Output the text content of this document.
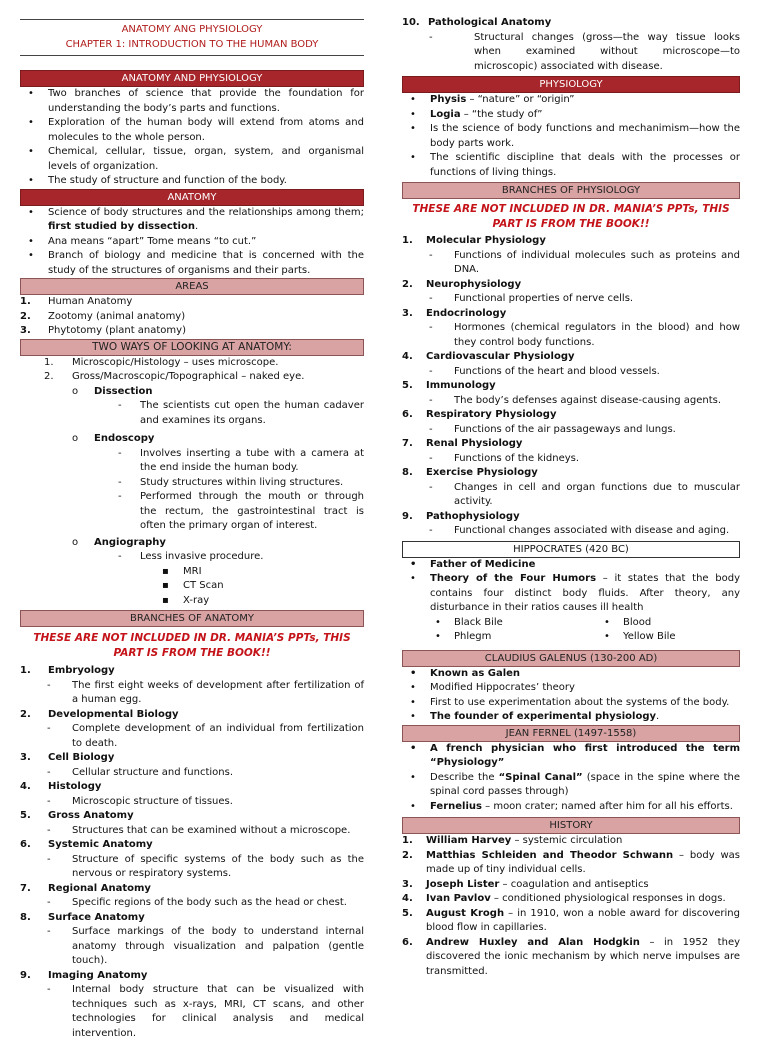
ANATOMY ANG PHYSIOLOGY
CHAPTER 1: INTRODUCTION TO THE HUMAN BODY
ANATOMY AND PHYSIOLOGY
• Two branches of science that provide the foundation for understanding the body’s parts and functions.
• Exploration of the human body will extend from atoms and molecules to the whole person.
• Chemical, cellular, tissue, organ, system, and organismal levels of organization.
• The study of structure and function of the body.
ANATOMY
• Science of body structures and the relationships among them; first studied by dissection.
• Ana means “apart” Tome means “to cut.”
• Branch of biology and medicine that is concerned with the study of the structures of organisms and their parts.
AREAS
1. Human Anatomy
2. Zootomy (animal anatomy)
3. Phytotomy (plant anatomy)
TWO WAYS OF LOOKING AT ANATOMY:
1. Microscopic/Histology – uses microscope.
2. Gross/Macroscopic/Topographical – naked eye.
o Dissection
- The scientists cut open the human cadaver and examines its organs.
o Endoscopy
- Involves inserting a tube with a camera at the end inside the human body.
- Study structures within living structures.
- Performed through the mouth or through the rectum, the gastrointestinal tract is often the primary organ of interest.
o Angiography
- Less invasive procedure.
▪ MRI
▪ CT Scan
▪ X-ray
BRANCHES OF ANATOMY
THESE ARE NOT INCLUDED IN DR. MANIA’S PPTs, THIS PART IS FROM THE BOOK!!
1. Embryology
- The first eight weeks of development after fertilization of a human egg.
2. Developmental Biology
- Complete development of an individual from fertilization to death.
3. Cell Biology
- Cellular structure and functions.
4. Histology
- Microscopic structure of tissues.
5. Gross Anatomy
- Structures that can be examined without a microscope.
6. Systemic Anatomy
- Structure of specific systems of the body such as the nervous or respiratory systems.
7. Regional Anatomy
- Specific regions of the body such as the head or chest.
8. Surface Anatomy
- Surface markings of the body to understand internal anatomy through visualization and palpation (gentle touch).
9. Imaging Anatomy
- Internal body structure that can be visualized with techniques such as x-rays, MRI, CT scans, and other technologies for clinical analysis and medical intervention.
10. Pathological Anatomy
- Structural changes (gross—the way tissue looks when examined without microscope—to microscopic) associated with disease.
PHYSIOLOGY
• Physis – “nature” or “origin”
• Logia – “the study of”
• Is the science of body functions and mechanimism—how the body parts work.
• The scientific discipline that deals with the processes or functions of living things.
BRANCHES OF PHYSIOLOGY
THESE ARE NOT INCLUDED IN DR. MANIA’S PPTs, THIS PART IS FROM THE BOOK!!
1. Molecular Physiology
- Functions of individual molecules such as proteins and DNA.
2. Neurophysiology
- Functional properties of nerve cells.
3. Endocrinology
- Hormones (chemical regulators in the blood) and how they control body functions.
4. Cardiovascular Physiology
- Functions of the heart and blood vessels.
5. Immunology
- The body’s defenses against disease-causing agents.
6. Respiratory Physiology
- Functions of the air passageways and lungs.
7. Renal Physiology
- Functions of the kidneys.
8. Exercise Physiology
- Changes in cell and organ functions due to muscular activity.
9. Pathophysiology
- Functional changes associated with disease and aging.
HIPPOCRATES (420 BC)
• Father of Medicine
• Theory of the Four Humors – it states that the body contains four distinct body fluids. After theory, any disturbance in their ratios causes ill health
• Black Bile	• Blood
• Phlegm	• Yellow Bile
CLAUDIUS GALENUS (130-200 AD)
• Known as Galen
• Modified Hippocrates’ theory
• First to use experimentation about the systems of the body.
• The founder of experimental physiology.
JEAN FERNEL (1497-1558)
• A french physician who first introduced the term “Physiology”
• Describe the “Spinal Canal” (space in the spine where the spinal cord passes through)
• Fernelius – moon crater; named after him for all his efforts.
HISTORY
1. William Harvey – systemic circulation
2. Matthias Schleiden and Theodor Schwann – body was made up of tiny individual cells.
3. Joseph Lister – coagulation and antiseptics
4. Ivan Pavlov – conditioned physiological responses in dogs.
5. August Krogh – in 1910, won a noble award for discovering blood flow in capillaries.
6. Andrew Huxley and Alan Hodgkin – in 1952 they discovered the ionic mechanism by which nerve impulses are transmitted.
